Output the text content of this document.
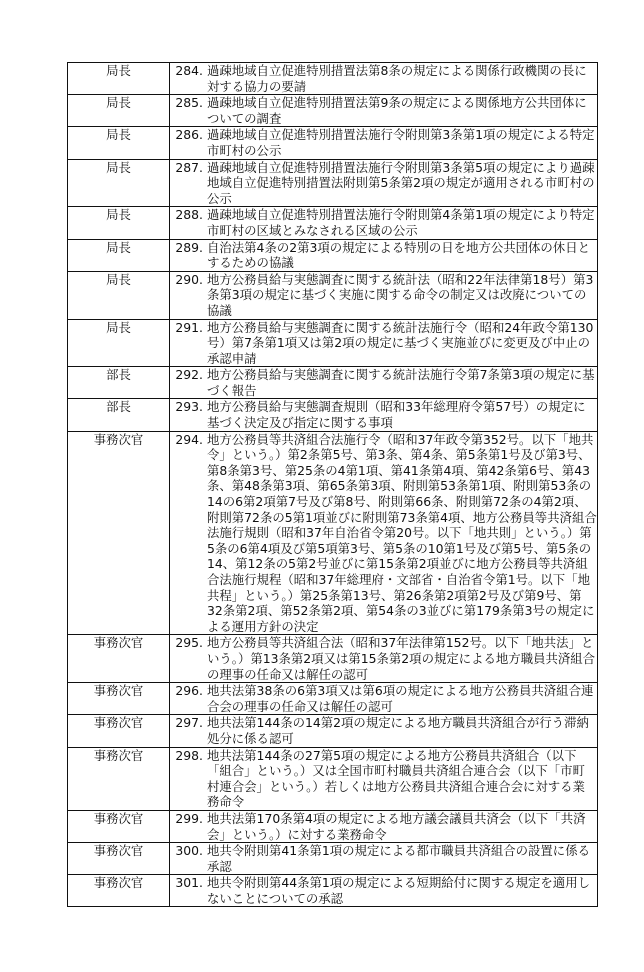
局長	284. 過疎地域自立促進特別措置法第8条の規定による関係行政機関の長に対する協力の要請

局長	285. 過疎地域自立促進特別措置法第9条の規定による関係地方公共団体についての調査

局長	286. 過疎地域自立促進特別措置法施行令附則第3条第1項の規定による特定市町村の公示

局長	287. 過疎地域自立促進特別措置法施行令附則第3条第5項の規定により過疎地域自立促進特別措置法附則第5条第2項の規定が適用される市町村の公示

局長	288. 過疎地域自立促進特別措置法施行令附則第4条第1項の規定により特定市町村の区域とみなされる区域の公示

局長	289. 自治法第4条の2第3項の規定による特別の日を地方公共団体の休日とするための協議

局長	290. 地方公務員給与実態調査に関する統計法（昭和22年法律第18号）第3条第3項の規定に基づく実施に関する命令の制定又は改廃についての協議

局長	291. 地方公務員給与実態調査に関する統計法施行令（昭和24年政令第130号）第7条第1項又は第2項の規定に基づく実施並びに変更及び中止の承認申請

部長	292. 地方公務員給与実態調査に関する統計法施行令第7条第3項の規定に基づく報告

部長	293. 地方公務員給与実態調査規則（昭和33年総理府令第57号）の規定に基づく決定及び指定に関する事項

事務次官	294. 地方公務員等共済組合法施行令（昭和37年政令第352号。以下「地共令」という。）第2条第5号、第3条、第4条、第5条第1号及び第3号、第8条第3号、第25条の4第1項、第41条第4項、第42条第6号、第43条、第48条第3項、第65条第3項、附則第53条第1項、附則第53条の14の6第2項第7号及び第8号、附則第66条、附則第72条の4第2項、附則第72条の5第1項並びに附則第73条第4項、地方公務員等共済組合法施行規則（昭和37年自治省令第20号。以下「地共則」という。）第5条の6第4項及び第5項第3号、第5条の10第1号及び第5号、第5条の14、第12条の5第2号並びに第15条第2項並びに地方公務員等共済組合法施行規程（昭和37年総理府・文部省・自治省令第1号。以下「地共程」という。）第25条第13号、第26条第2項第2号及び第9号、第32条第2項、第52条第2項、第54条の3並びに第179条第3号の規定による運用方針の決定

事務次官	295. 地方公務員等共済組合法（昭和37年法律第152号。以下「地共法」という。）第13条第2項又は第15条第2項の規定による地方職員共済組合の理事の任命又は解任の認可

事務次官	296. 地共法第38条の6第3項又は第6項の規定による地方公務員共済組合連合会の理事の任命又は解任の認可

事務次官	297. 地共法第144条の14第2項の規定による地方職員共済組合が行う滞納処分に係る認可

事務次官	298. 地共法第144条の27第5項の規定による地方公務員共済組合（以下「組合」という。）又は全国市町村職員共済組合連合会（以下「市町村連合会」という。）若しくは地方公務員共済組合連合会に対する業務命令

事務次官	299. 地共法第170条第4項の規定による地方議会議員共済会（以下「共済会」という。）に対する業務命令

事務次官	300. 地共令附則第41条第1項の規定による都市職員共済組合の設置に係る承認

事務次官	301. 地共令附則第44条第1項の規定による短期給付に関する規定を適用しないことについての承認
